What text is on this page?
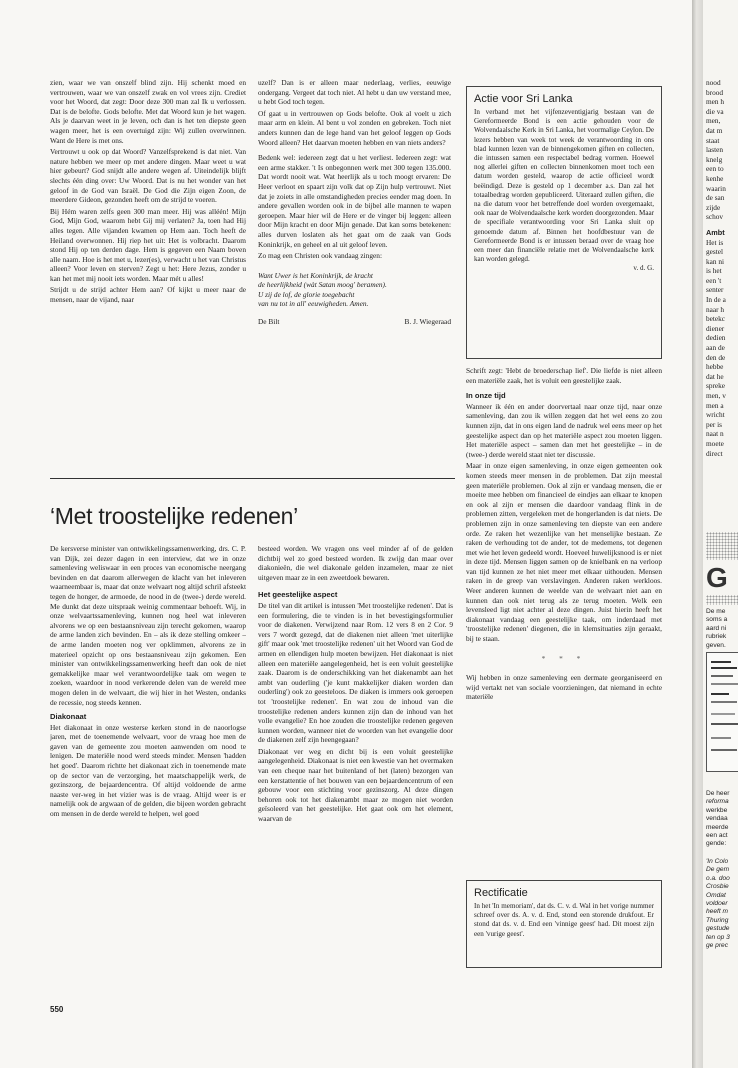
zien, waar we van onszelf blind zijn. Hij schenkt moed en vertrouwen, waar we van onszelf zwak en vol vrees zijn. Crediet voor het Woord, dat zegt: Door deze 300 man zal Ik u verlossen. Dat is de belofte. Gods belofte. Met dat Woord kun je het wagen. Als je daarvan weet in je leven, och dan is het ten diepste geen wagen meer, het is een overtuigd zijn: Wij zullen overwinnen. Want de Here is met ons.

Vertrouwt u ook op dat Woord? Vanzelfsprekend is dat niet. Van nature hebben we meer op met andere dingen. Maar weet u wat hier gebeurt? God snijdt alle andere wegen af. Uiteindelijk blijft slechts één ding over: Uw Woord. Dat is nu het wonder van het geloof in de God van Israël. De God die Zijn eigen Zoon, de meerdere Gideon, gezonden heeft om de strijd te voeren.

Bij Hém waren zelfs geen 300 man meer. Hij was alléén! Mijn God, Mijn God, waarom hebt Gij mij verlaten? Ja, toen had Hij alles tegen. Alle vijanden kwamen op Hem aan. Toch heeft de Heiland overwonnen. Hij riep het uit: Het is volbracht. Daarom stond Hij op ten derden dage. Hem is gegeven een Naam boven alle naam. Hoe is het met u, lezer(es), verwacht u het van Christus alleen? Voor leven en sterven? Zegt u het: Here Jezus, zonder u kan het met mij nooit iets worden. Maar mét u alles!

Strijdt u de strijd achter Hem aan? Of kijkt u meer naar de mensen, naar de vijand, naar

uzelf? Dan is er alleen maar nederlaag, verlies, eeuwige ondergang. Vergeet dat toch niet. Al hebt u dan uw verstand mee, u hebt God toch tegen.

Of gaat u in vertrouwen op Gods belofte. Ook al voelt u zich maar arm en klein. Al bent u vol zonden en gebreken. Toch niet anders kunnen dan de lege hand van het geloof leggen op Gods Woord alleen? Het daarvan moeten hebben en van niets anders?

Bedenk wel: iedereen zegt dat u het verliest. Iedereen zegt: wat een arme stakker. 't Is onbegonnen werk met 300 tegen 135.000. Dat wordt nooit wat. Wat heerlijk als u toch moogt ervaren: De Heer verloot en spaart zijn volk dat op Zijn hulp vertrouwt. Niet dat je zoiets in alle omstandigheden precies eender mag doen. In andere gevallen worden ook in de bijbel alle mannen te wapen geroepen. Maar hier wil de Here er de vinger bij leggen: alleen door Mijn kracht en door Mijn genade. Dat kan soms betekenen: alles durven loslaten als het gaat om de zaak van Gods Koninkrijk, en geheel en al uit geloof leven.

Zo mag een Christen ook vandaag zingen:

Want Uwer is het Koninkrijk, de kracht
de heerlijkheid (wàt Satan moog' beramen).
U zij de lof, de glorie toegebacht
van nu tot in all' eeuwigheden. Amen.
De Bilt	B. J. Wiegeraad
Actie voor Sri Lanka

In verband met het vijfenzeventigjarig bestaan van de Gereformeerde Bond is een actie gehouden voor de Wolvendaalsche Kerk in Sri Lanka, het voormalige Ceylon. De lezers hebben van week tot week de verantwoording in ons blad kunnen lezen van de binnengekomen giften en collecten, die intussen samen een respectabel bedrag vormen. Hoewel nog allerlei giften en collecten binnenkomen moet toch een datum worden gesteld, waarop de actie officieel wordt beëindigd. Deze is gesteld op 1 december a.s. Dan zal het totaalbedrag worden gepubliceerd. Uiteraard zullen giften, die na die datum voor het betreffende doel worden overgemaakt, ook naar de Wolvendaalsche kerk worden doorgezonden. Maar de specifiale verantwoording voor Sri Lanka sluit op genoemde datum af. Binnen het hoofdbestuur van de Gereformeerde Bond is er intussen beraad over de vraag hoe een meer dan financiële relatie met de Wolvendaalsche kerk kan worden gelegd.

v. d. G.
‘Met troostelijke redenen’

De kersverse minister van ontwikkelingssamenwerking, drs. C. P. van Dijk, zei dezer dagen in een interview, dat we in onze samenleving weliswaar in een proces van economische neergang bevinden en dat daarom allerwegen de klacht van het inleveren waarneembaar is, maar dat onze welvaart nog altijd schril afsteekt tegen de honger, de armoede, de nood in de (twee-) derde wereld. Me dunkt dat deze uitspraak weinig commentaar behoeft. Wij, in onze welvaartssamenleving, kunnen nog heel wat inleveren alvorens we op een bestaansniveau zijn terecht gekomen, waarop de arme landen zich bevinden. En – als ik deze stelling omkeer – de arme landen moeten nog ver opklimmen, alvorens ze in materieel opzicht op ons bestaansniveau zijn gekomen. Een minister van ontwikkelingssamenwerking heeft dan ook de niet gemakkelijke maar wel verantwoordelijke taak om wegen te zoeken, waardoor in nood verkerende delen van de wereld mee mogen delen in de welvaart, die wij hier in het Westen, ondanks de recessie, nog steeds kennen.

Diakonaat

Het diakonaat in onze westerse kerken stond in de naoorlogse jaren, met de toenemende welvaart, voor de vraag hoe men de gaven van de gemeente zou moeten aanwenden om nood te lenigen. De materiële nood werd steeds minder. Mensen 'hadden het goed'. Daarom richtte het diakonaat zich in toenemende mate op de sector van de verzorging, het maatschappelijk werk, de gezinszorg, de bejaardencentra. Of altijd voldoende de arme naaste ver-weg in het vizier was is de vraag. Altijd weer is er namelijk ook de argwaan of de gelden, die bijeen worden gebracht om mensen in de derde wereld te helpen, wel goed

besteed worden. We vragen ons veel minder af of de gelden dichtbij wel zo goed besteed worden. Ik zwijg dan maar over diakonieën, die wel diakonale gelden inzamelen, maar ze niet uitgeven maar ze in een zweetdoek bewaren.

Het geestelijke aspect

De titel van dit artikel is intussen 'Met troostelijke redenen'. Dat is een formulering, die te vinden is in het bevestigingsformulier voor de diakenen. Verwijzend naar Rom. 12 vers 8 en 2 Cor. 9 vers 7 wordt gezegd, dat de diakenen niet alleen 'met uiterlijke gift' maar ook 'met troostelijke redenen' uit het Woord van God de armen en ellendigen hulp moeten bewijzen. Het diakonaat is niet alleen een materiële aangelegenheid, het is een voluit geestelijke zaak. Daarom is de onderschikking van het diakenambt aan het ambt van ouderling ('je kunt makkelijker diaken worden dan ouderling') ook zo geesteloos. De diaken is immers ook geroepen tot 'troostelijke redenen'. En wat zou de inhoud van die troostelijke redenen anders kunnen zijn dan de inhoud van het volle evangelie? En hoe zouden die troostelijke redenen gegeven kunnen worden, wanneer niet de woorden van het evangelie door de diakenen zelf zijn heengegaan?

Diakonaat ver weg en dicht bij is een voluit geestelijke aangelegenheid. Diakonaat is niet een kwestie van het overmaken van een cheque naar het buitenland of het (laten) bezorgen van een kerstattentie of het bouwen van een bejaardencentrum of een gebouw voor een stichting voor gezinszorg. Al deze dingen behoren ook tot het diakenambt maar ze mogen niet worden geïsoleerd van het geestelijke. Het gaat ook om het element, waarvan de

Schrift zegt: 'Hebt de broederschap lief'. Die liefde is niet alleen een materiële zaak, het is voluit een geestelijke zaak.

In onze tijd

Wanneer ik één en ander doorvertaal naar onze tijd, naar onze samenleving, dan zou ik willen zeggen dat het wel eens zo zou kunnen zijn, dat in ons eigen land de nadruk wel eens meer op het geestelijke aspect dan op het materiële aspect zou moeten liggen. Het materiële aspect – samen dan met het geestelijke – in de (twee-) derde wereld staat niet ter discussie.

Maar in onze eigen samenleving, in onze eigen gemeenten ook komen steeds meer mensen in de problemen. Dat zijn meestal geen materiële problemen. Ook al zijn er vandaag mensen, die er moeite mee hebben om financieel de eindjes aan elkaar te knopen en ook al zijn er mensen die daardoor vandaag flink in de problemen zitten, vergeleken met de hongerlanden is dat niets. De problemen zijn in onze samenleving ten diepste van een andere orde. Ze raken het wezenlijke van het menselijke bestaan. Ze raken de verhouding tot de ander, tot de medemens, tot degenen met wie het leven gedeeld wordt. Hoeveel huwelijksnood is er niet in deze tijd. Mensen liggen samen op de knielbank en na verloop van tijd kunnen ze het niet meer met elkaar uithouden. Mensen raken in de greep van verslavingen. Anderen raken werkloos. Weer anderen kunnen de weelde van de welvaart niet aan en kunnen dan ook niet terug als ze terug moeten. Welk een levensleed ligt niet achter al deze dingen. Juist hierin heeft het diakonaat vandaag een geestelijke taak, om inderdaad met 'troostelijke redenen' diegenen, die in klemsituaties zijn geraakt, bij te staan.

* * *

Wij hebben in onze samenleving een dermate georganiseerd en wijd vertakt net van sociale voorzieningen, dat niemand in echte materiële

Rectificatie

In het 'In memoriam', dat ds. C. v. d. Wal in het vorige nummer schreef over ds. A. v. d. End, stond een storende drukfout. Er stond dat ds. v. d. End een 'vinnige geest' had. Dit moest zijn een 'vurige geest'.

550
nood
brood
men h
die va
men,
dat m
staat
lasten
knelg
een to
kenhe
waarin
de san
zijde
schov
Ambt
Het is
gestel
kan ni
is het
een 't
senter
In de a
naar h
betekc
diener
dedien
aan de
den de
hebbe
dat he
spreke
men, v
men a
wricht
per is
naat n
moete
direct
G
De me
soms a
aard ni
rubriek
geven.
De heer
reforma
werkbe
vendaa
meerde
een act
gende:
'In Colo
De gem
o.a. doo
Crosbie
Omdat
voldoer
heeft m
Thuring
gestude
ten op 3
ge prec
